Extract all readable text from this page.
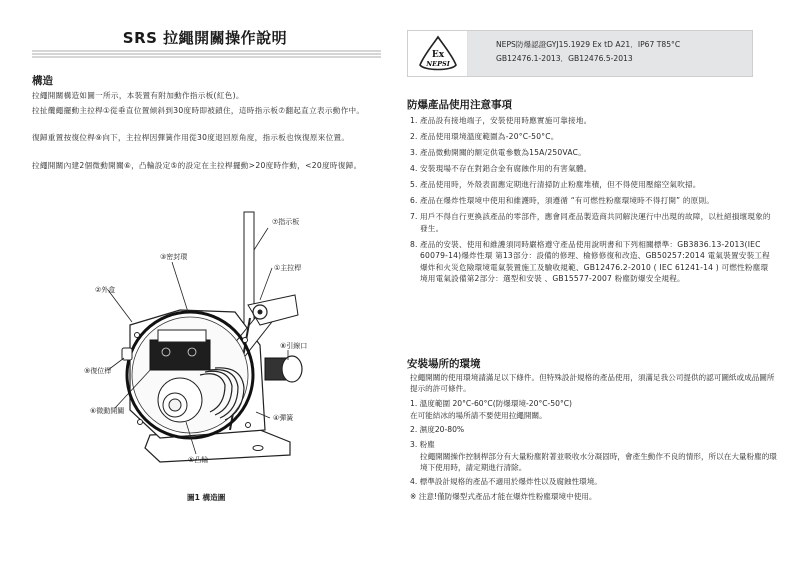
SRS 拉繩開關操作說明
構造
拉繩開關構造如圖一所示，本裝置有附加動作指示板(紅色)。
拉扯纜繩擺動主拉桿①從垂直位置傾斜到30度時即被鎖住，這時指示板⑦翻起直立表示動作中。
復歸重置按復位桿⑨向下，主拉桿因彈簧作用從30度退回原角度，指示板也恢復原來位置。
拉繩開關內建2個微動開關⑥，凸輪設定⑤的設定在主拉桿擺動>20度時作動，<20度時復歸。
⑦指示板
③密封環
①主拉桿
②外盒
⑧引線口
⑨復位桿
⑥微動開關
④彈簧
⑤凸輪
圖1 構造圖
Ex
NEPSI
NEPS防爆認證GYJ15.1929 Ex tD A21．IP67 T85°C
GB12476.1-2013．GB12476.5-2013
防爆產品使用注意事項
1. 產品設有接地端子，安裝使用時應實施可靠接地。
2. 產品使用環境溫度範圍為-20°C-50°C。
3. 產品微動開關的額定供電參數為15A/250VAC。
4. 安裝現場不存在對鋁合金有腐蝕作用的有害氣體。
5. 產品使用時，外殼表面應定期進行清掃防止粉塵堆積，但不得使用壓縮空氣吹掃。
6. 產品在爆炸性環境中使用和維護時，須遵循 “有可燃性粉塵環境時不得打開” 的原則。
7. 用戶不得自行更換該產品的零部件，應會同產品製造商共同解決運行中出現的故障，以杜絕損壞現象的發生。
8. 產品的安裝、使用和維護須同時嚴格遵守產品使用說明書和下列相關標準：GB3836.13-2013(IEC 60079-14)爆炸性環 第13部分：設備的修理、檢修修復和改造、GB50257:2014 電氣裝置安裝工程爆炸和火災危險環境電氣裝置施工及驗收規範、GB12476.2-2010 ( IEC 61241-14 ) 可燃性粉塵環境用電氣設備第2部分：選型和安裝 、GB15577-2007 粉塵防爆安全規程。
安裝場所的環境
拉繩開關的使用環境請滿足以下條件。但特殊設計規格的產品使用，須滿足我公司提供的認可圖紙或成品圖所提示的許可條件。
1. 溫度範圍 20°C-60°C(防爆環境-20°C-50°C)
在可能結冰的場所請不要使用拉繩開關。
2. 濕度20-80%
3. 粉塵
拉繩開關操作控制桿部分有大量粉塵附著並吸收水分凝固時，會產生動作不良的情形，所以在大量粉塵的環境下使用時，請定期進行清除。
4. 標準設計規格的產品不適用於爆炸性以及腐蝕性環境。
※ 注意!僅防爆型式產品才能在爆炸性粉塵環境中使用。
